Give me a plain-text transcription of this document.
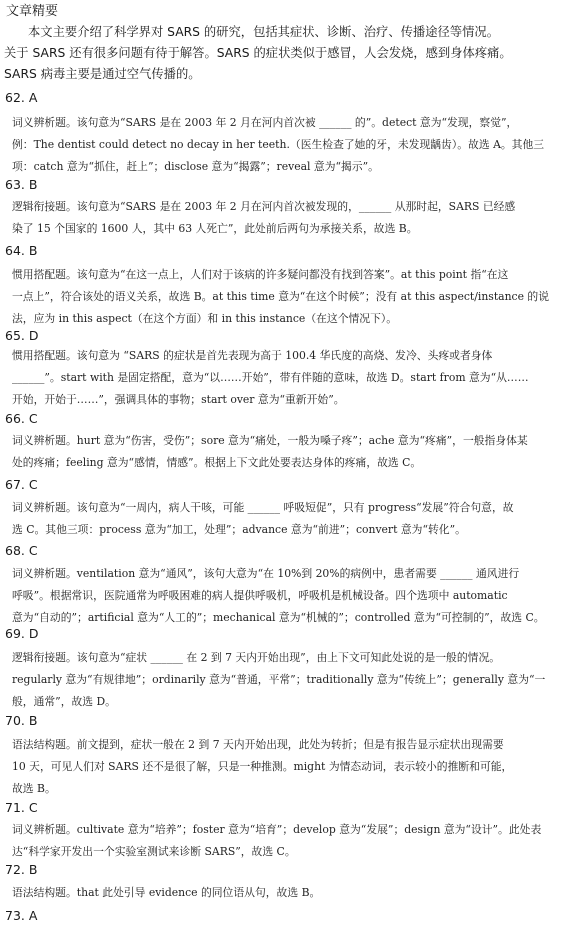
文章精要
本文主要介绍了科学界对 SARS 的研究，包括其症状、诊断、治疗、传播途径等情况。
关于 SARS 还有很多问题有待于解答。SARS 的症状类似于感冒，人会发烧，感到身体疼痛。
SARS 病毒主要是通过空气传播的。
62. A
词义辨析题。该句意为“SARS 是在 2003 年 2 月在河内首次被 ______ 的”。detect 意为“发现，察觉”，
例：The dentist could detect no decay in her teeth.（医生检查了她的牙，未发现龋齿）。故选 A。其他三
项：catch 意为“抓住，赶上”；disclose 意为“揭露”；reveal 意为“揭示”。
63. B
逻辑衔接题。该句意为“SARS 是在 2003 年 2 月在河内首次被发现的，______ 从那时起，SARS 已经感
染了 15 个国家的 1600 人，其中 63 人死亡”，此处前后两句为承接关系，故选 B。
64. B
惯用搭配题。该句意为“在这一点上，人们对于该病的许多疑问都没有找到答案”。at this point 指“在这
一点上”，符合该处的语义关系，故选 B。at this time 意为“在这个时候”；没有 at this aspect/instance 的说
法，应为 in this aspect（在这个方面）和 in this instance（在这个情况下）。
65. D
惯用搭配题。该句意为 “SARS 的症状是首先表现为高于 100.4 华氏度的高烧、发冷、头疼或者身体
______”。start with 是固定搭配，意为“以……开始”，带有伴随的意味，故选 D。start from 意为“从……
开始，开始于……”，强调具体的事物；start over 意为“重新开始”。
66. C
词义辨析题。hurt 意为“伤害，受伤”；sore 意为“痛处，一般为嗓子疼”；ache 意为“疼痛”，一般指身体某
处的疼痛；feeling 意为“感情，情感”。根据上下文此处要表达身体的疼痛，故选 C。
67. C
词义辨析题。该句意为“一周内，病人干咳，可能 ______ 呼吸短促”，只有 progress“发展”符合句意，故
选 C。其他三项：process 意为“加工，处理”；advance 意为“前进”；convert 意为“转化”。
68. C
词义辨析题。ventilation 意为“通风”，该句大意为“在 10%到 20%的病例中，患者需要 ______ 通风进行
呼吸”。根据常识，医院通常为呼吸困难的病人提供呼吸机，呼吸机是机械设备。四个选项中 automatic
意为“自动的”；artificial 意为“人工的”；mechanical 意为“机械的”；controlled 意为“可控制的”，故选 C。
69. D
逻辑衔接题。该句意为“症状 ______ 在 2 到 7 天内开始出现”，由上下文可知此处说的是一般的情况。
regularly 意为“有规律地”；ordinarily 意为“普通，平常”；traditionally 意为“传统上”；generally 意为“一
般，通常”，故选 D。
70. B
语法结构题。前文提到，症状一般在 2 到 7 天内开始出现，此处为转折；但是有报告显示症状出现需要
10 天，可见人们对 SARS 还不是很了解，只是一种推测。might 为情态动词，表示较小的推断和可能，
故选 B。
71. C
词义辨析题。cultivate 意为“培养”；foster 意为“培育”；develop 意为“发展”；design 意为“设计”。此处表
达“科学家开发出一个实验室测试来诊断 SARS”，故选 C。
72. B
语法结构题。that 此处引导 evidence 的同位语从句，故选 B。
73. A
